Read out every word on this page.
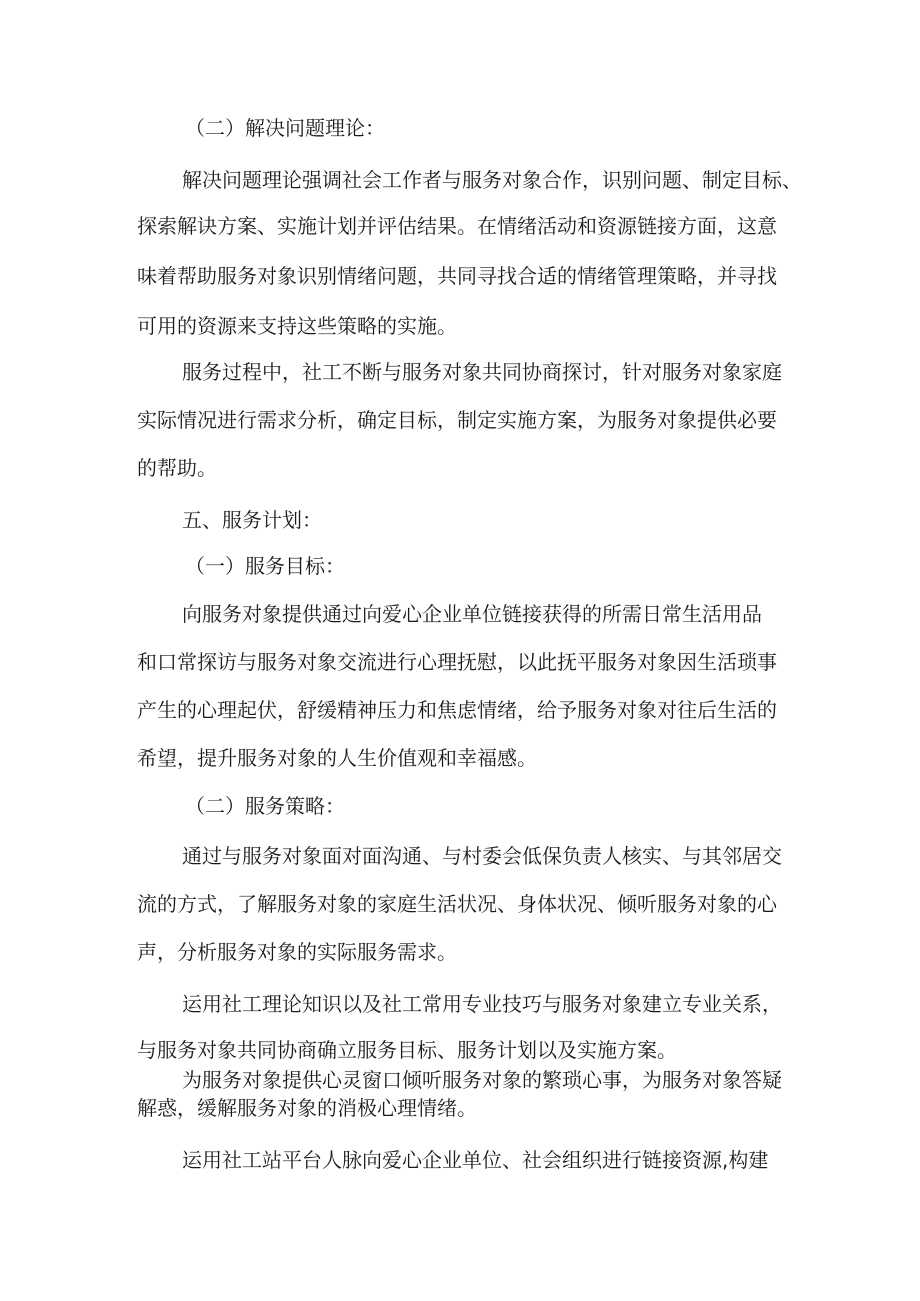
（二）解决问题理论：

解决问题理论强调社会工作者与服务对象合作，识别问题、制定目标、

探索解诀方案、实施计划并评估结果。在情绪活动和资源链接方面，这意

味着帮助服务对象识别情绪问题，共同寻找合适的情绪管理策略，并寻找

可用的资源来支持这些策略的实施。

服务过程中，社工不断与服务对象共同协商探讨，针对服务对象家庭

实际情况进行需求分析，确定目标，制定实施方案，为服务对象提供必要

的帮助。

五、服务计划：

（一）服务目标：

向服务对象提供通过向爱心企业单位链接获得的所需日常生活用品

和口常探访与服务对象交流进行心理抚慰，以此抚平服务对象因生活琐事

产生的心理起伏，舒缓精神压力和焦虑情绪，给予服务对象对往后生活的

希望，提升服务对象的人生价值观和幸福感。

（二）服务策略：

通过与服务对象面对面沟通、与村委会低保负责人核实、与其邻居交

流的方式，了解服务对象的家庭生活状况、身体状况、倾听服务对象的心

声，分析服务对象的实际服务需求。

运用社工理论知识以及社工常用专业技巧与服务对象建立专业关系，

与服务对象共同协商确立服务目标、服务计划以及实施方案。

为服务对象提供心灵窗口倾听服务对象的繁琐心事，为服务对象答疑

解惑，缓解服务对象的消极心理情绪。

运用社工站平台人脉向爱心企业单位、社会组织进行链接资源,构建
